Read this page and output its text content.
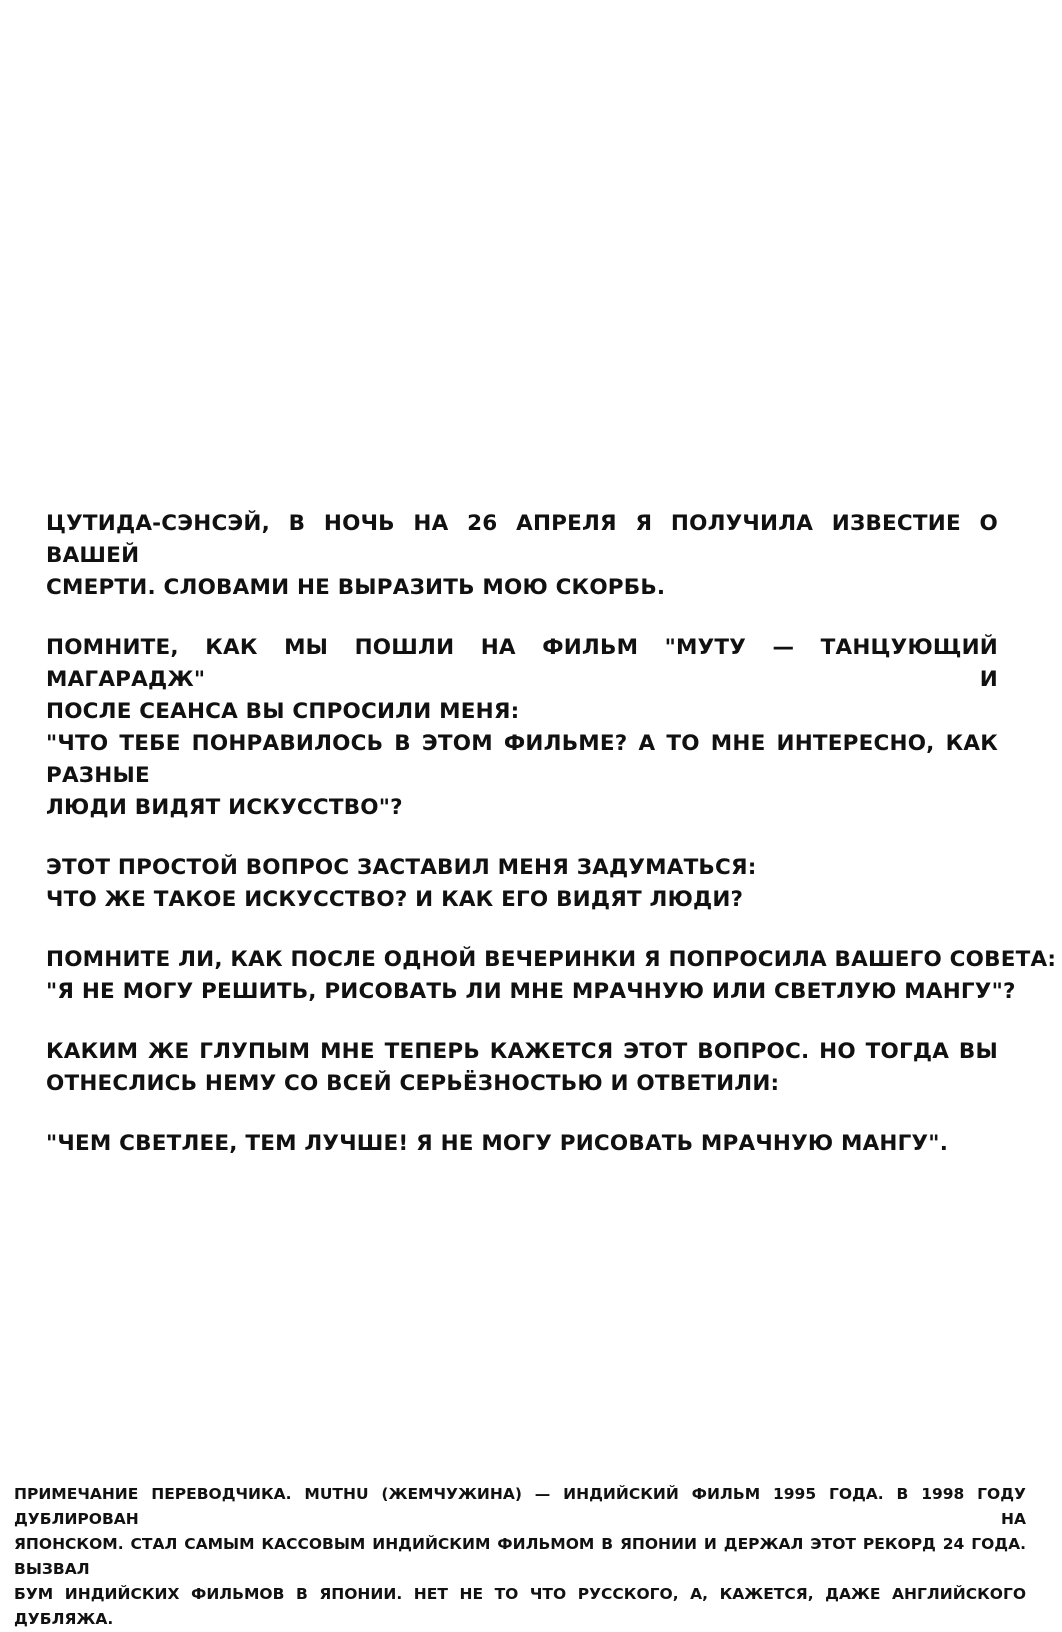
ЦУТИДА-СЭНСЭЙ, В НОЧЬ НА 26 АПРЕЛЯ Я ПОЛУЧИЛА ИЗВЕСТИЕ О ВАШЕЙ
СМЕРТИ. СЛОВАМИ НЕ ВЫРАЗИТЬ МОЮ СКОРБЬ.
ПОМНИТЕ, КАК МЫ ПОШЛИ НА ФИЛЬМ "МУТУ — ТАНЦУЮЩИЙ МАГАРАДЖ" И
ПОСЛЕ СЕАНСА ВЫ СПРОСИЛИ МЕНЯ:
"ЧТО ТЕБЕ ПОНРАВИЛОСЬ В ЭТОМ ФИЛЬМЕ? А ТО МНЕ ИНТЕРЕСНО, КАК РАЗНЫЕ
ЛЮДИ ВИДЯТ ИСКУССТВО"?
ЭТОТ ПРОСТОЙ ВОПРОС ЗАСТАВИЛ МЕНЯ ЗАДУМАТЬСЯ:
ЧТО ЖЕ ТАКОЕ ИСКУССТВО? И КАК ЕГО ВИДЯТ ЛЮДИ?
ПОМНИТЕ ЛИ, КАК ПОСЛЕ ОДНОЙ ВЕЧЕРИНКИ Я ПОПРОСИЛА ВАШЕГО СОВЕТА:
"Я НЕ МОГУ РЕШИТЬ, РИСОВАТЬ ЛИ МНЕ МРАЧНУЮ ИЛИ СВЕТЛУЮ МАНГУ"?
КАКИМ ЖЕ ГЛУПЫМ МНЕ ТЕПЕРЬ КАЖЕТСЯ ЭТОТ ВОПРОС. НО ТОГДА ВЫ
ОТНЕСЛИСЬ НЕМУ СО ВСЕЙ СЕРЬЁЗНОСТЬЮ И ОТВЕТИЛИ:
"ЧЕМ СВЕТЛЕЕ, ТЕМ ЛУЧШЕ! Я НЕ МОГУ РИСОВАТЬ МРАЧНУЮ МАНГУ".
ПРИМЕЧАНИЕ ПЕРЕВОДЧИКА. MUTHU (ЖЕМЧУЖИНА) — ИНДИЙСКИЙ ФИЛЬМ 1995 ГОДА. В 1998 ГОДУ ДУБЛИРОВАН НА
ЯПОНСКОМ. СТАЛ САМЫМ КАССОВЫМ ИНДИЙСКИМ ФИЛЬМОМ В ЯПОНИИ И ДЕРЖАЛ ЭТОТ РЕКОРД 24 ГОДА. ВЫЗВАЛ
БУМ ИНДИЙСКИХ ФИЛЬМОВ В ЯПОНИИ. НЕТ НЕ ТО ЧТО РУССКОГО, А, КАЖЕТСЯ, ДАЖЕ АНГЛИЙСКОГО ДУБЛЯЖА.
